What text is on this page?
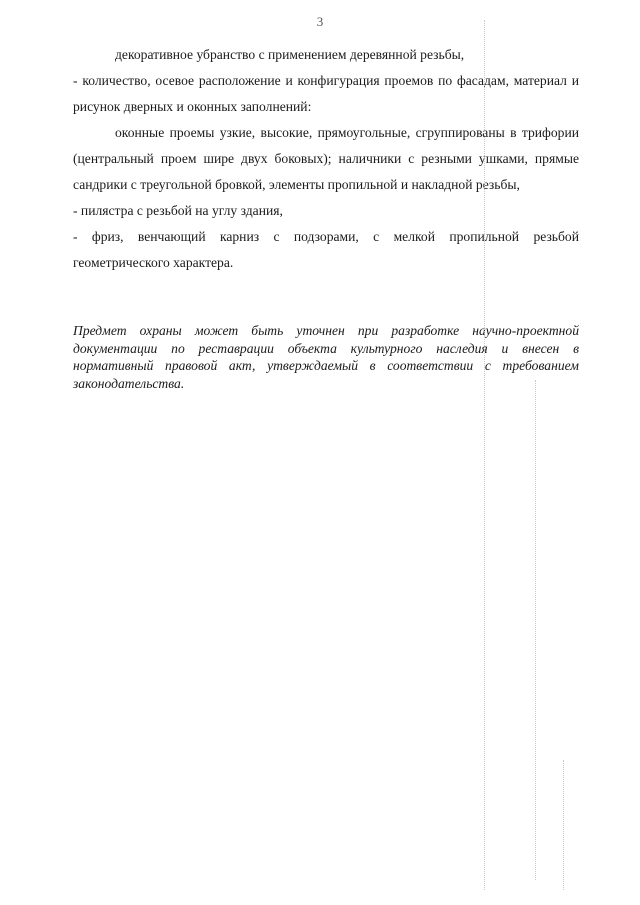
3

декоративное убранство с применением деревянной резьбы,

- количество, осевое расположение и конфигурация проемов по фасадам, материал и рисунок дверных и оконных заполнений:

оконные проемы узкие, высокие, прямоугольные, сгруппированы в трифории (центральный проем шире двух боковых); наличники с резными ушками, прямые сандрики с треугольной бровкой, элементы пропильной и накладной резьбы,

- пилястра с резьбой на углу здания,

- фриз, венчающий карниз с подзорами, с мелкой пропильной резьбой геометрического характера.

Предмет охраны может быть уточнен при разработке научно-проектной документации по реставрации объекта культурного наследия и внесен в нормативный правовой акт, утверждаемый в соответствии с требованием законодательства.
